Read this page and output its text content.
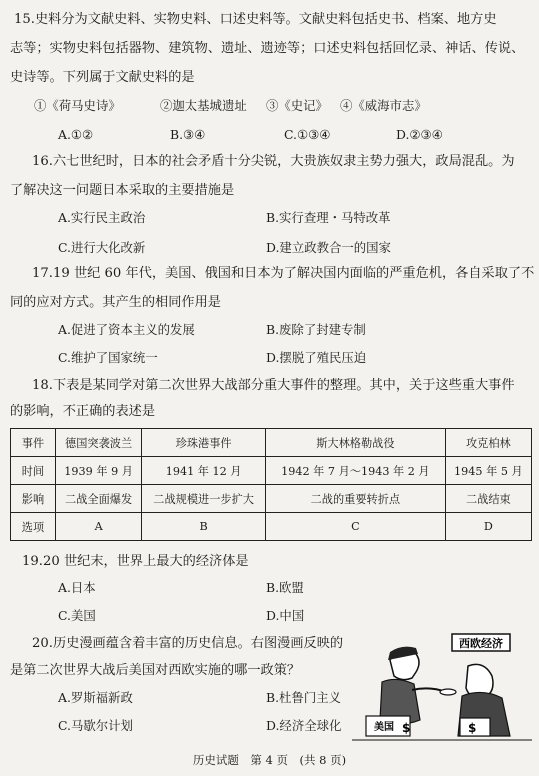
15.史料分为文献史料、实物史料、口述史料等。文献史料包括史书、档案、地方史
志等；实物史料包括器物、建筑物、遗址、遗迹等；口述史料包括回忆录、神话、传说、
史诗等。下列属于文献史料的是
①《荷马史诗》	②迦太基城遗址 ③《史记》 ④《威海市志》
A.①②	B.③④	C.①③④	D.②③④
16.六七世纪时，日本的社会矛盾十分尖锐，大贵族奴隶主势力强大，政局混乱。为
了解决这一问题日本采取的主要措施是
A.实行民主政治	B.实行查理・马特改革
C.进行大化改新	D.建立政教合一的国家
17.19 世纪 60 年代，美国、俄国和日本为了解决国内面临的严重危机，各自采取了不
同的应对方式。其产生的相同作用是
A.促进了资本主义的发展	B.废除了封建专制
C.维护了国家统一	D.摆脱了殖民压迫
18.下表是某同学对第二次世界大战部分重大事件的整理。其中，关于这些重大事件
的影响，不正确的表述是
事件	德国突袭波兰	珍珠港事件	斯大林格勒战役	攻克柏林
时间	1939 年 9 月	1941 年 12 月	1942 年 7 月～1943 年 2 月	1945 年 5 月
影响	二战全面爆发	二战规模进一步扩大	二战的重要转折点	二战结束
选项	A	B	C	D
19.20 世纪末，世界上最大的经济体是
A.日本	B.欧盟
C.美国	D.中国
20.历史漫画蕴含着丰富的历史信息。右图漫画反映的
是第二次世界大战后美国对西欧实施的哪一政策？
A.罗斯福新政	B.杜鲁门主义
C.马歇尔计划	D.经济全球化
西欧经济
美国 $	$
历史试题　第 4 页　(共 8 页)
